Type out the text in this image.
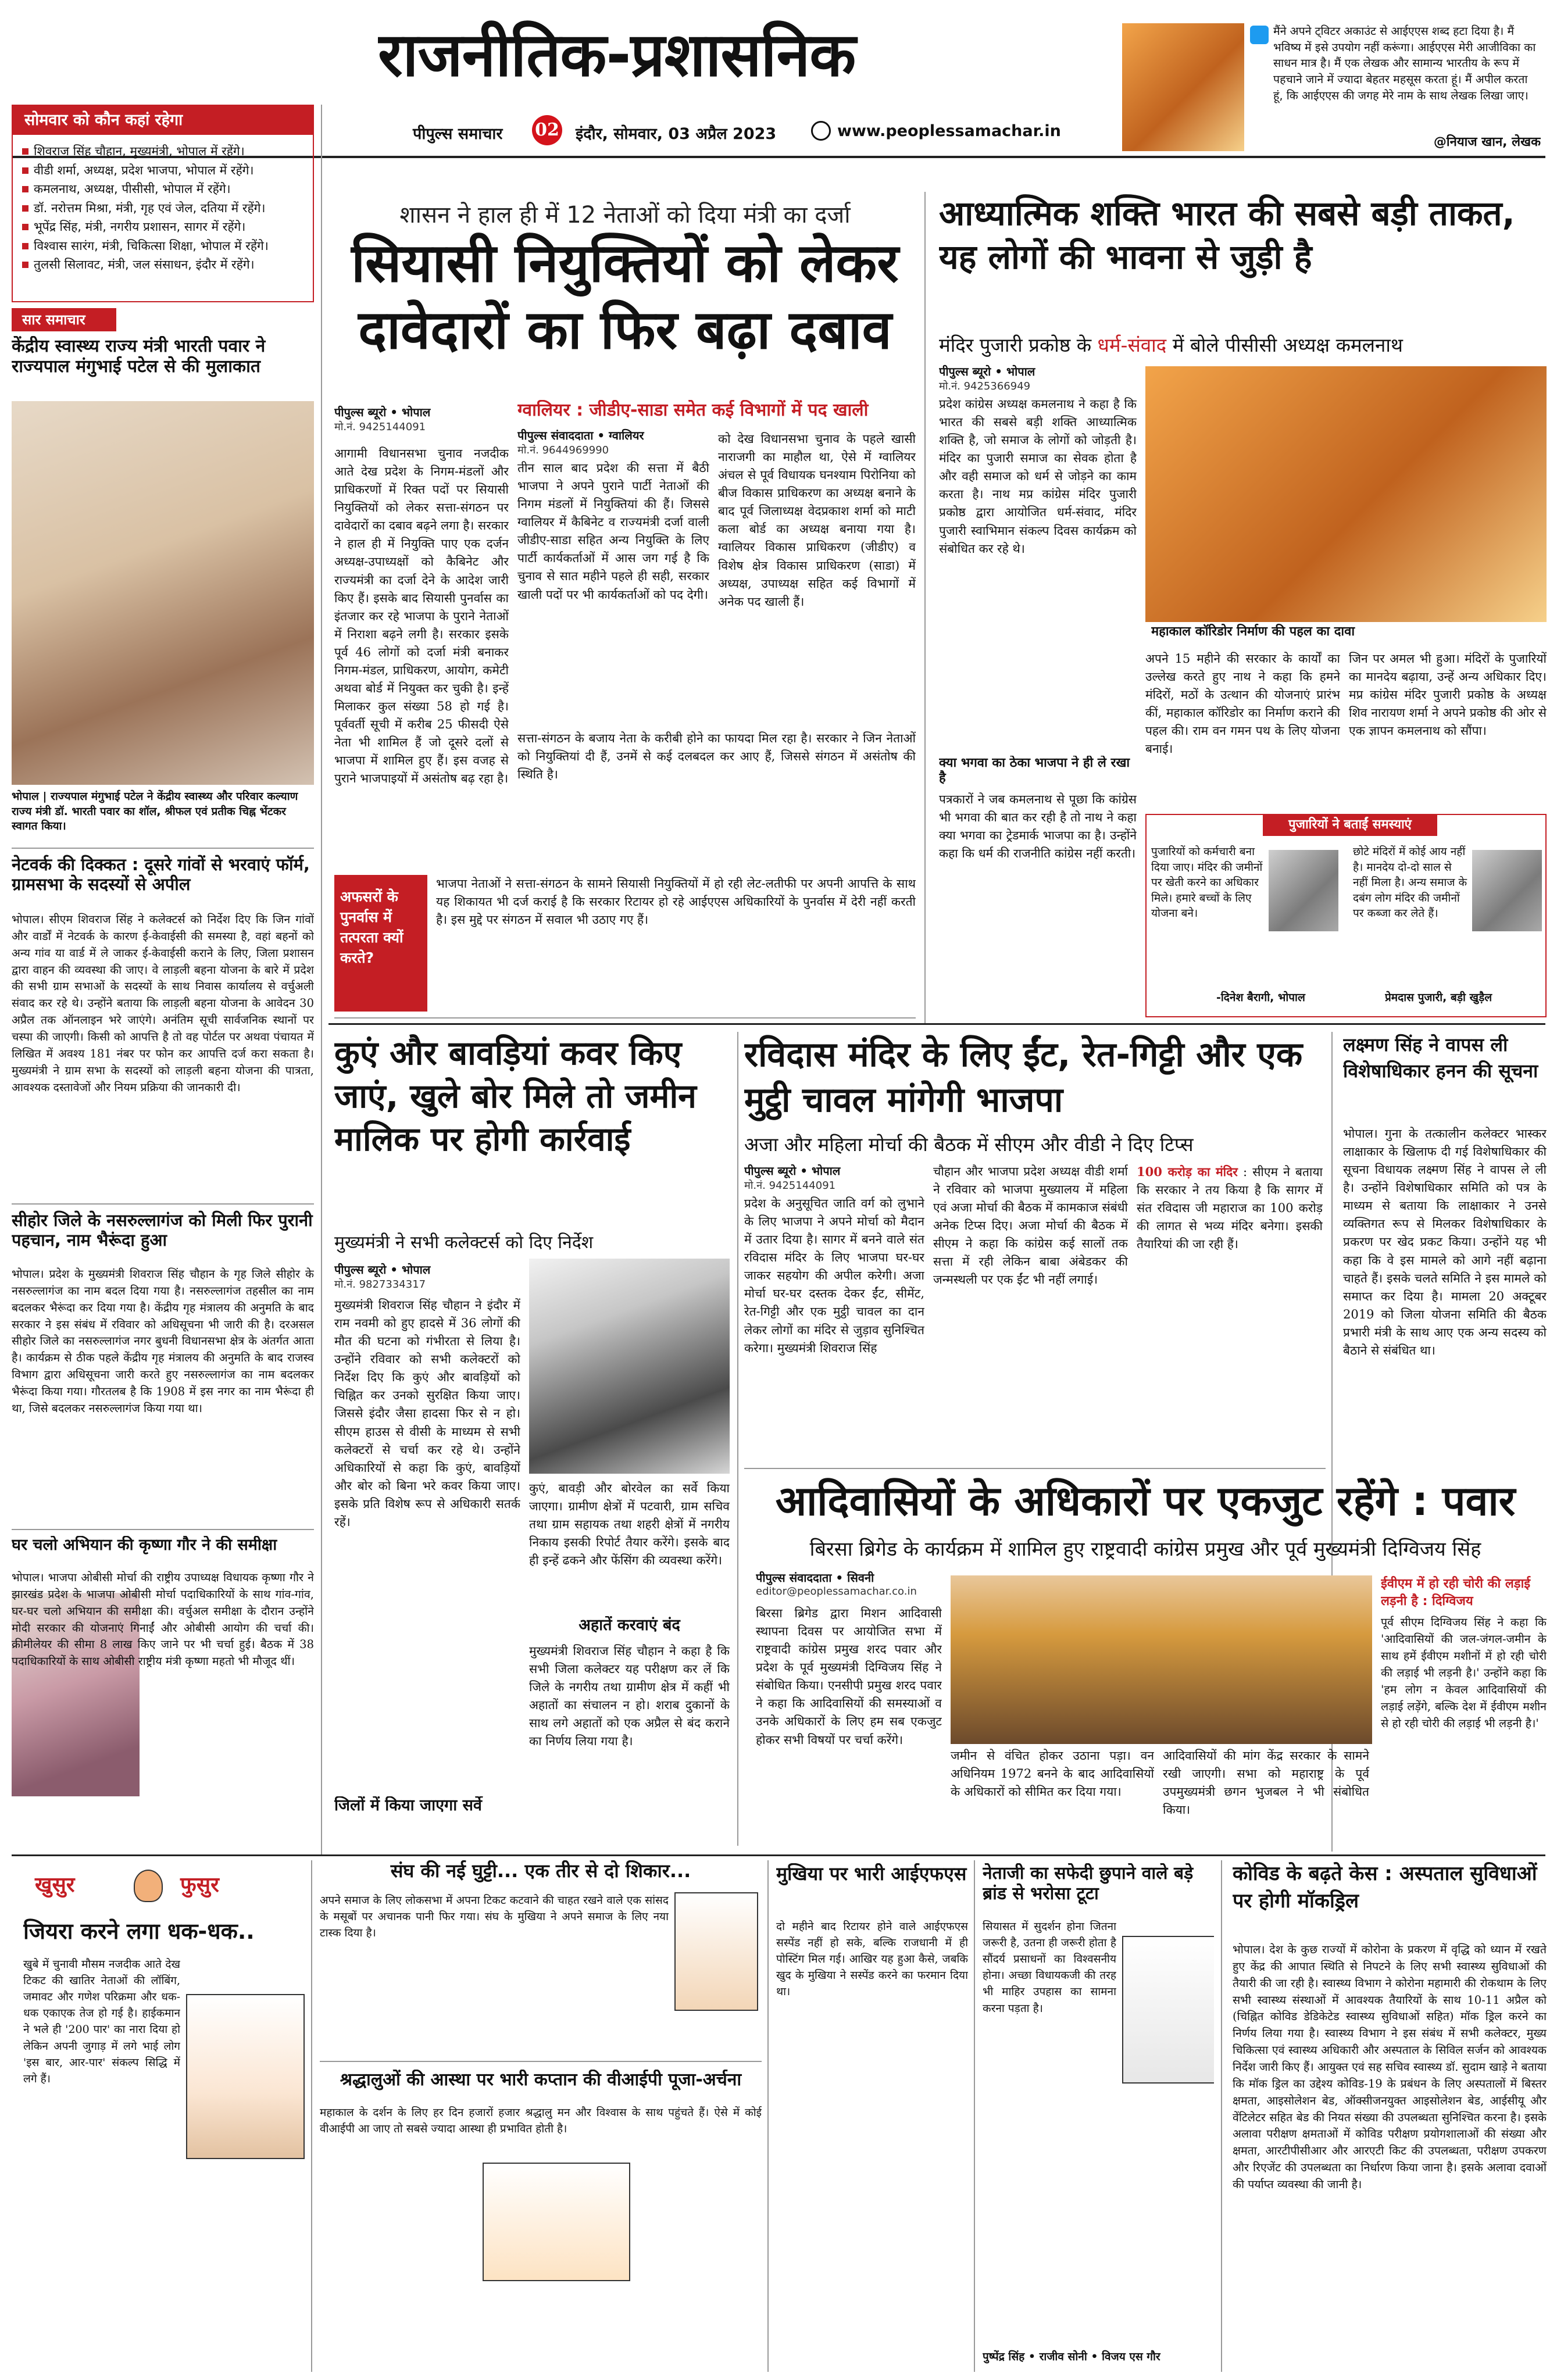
राजनीतिक-प्रशासनिक
पीपुल्स समाचार 02 इंदौर, सोमवार, 03 अप्रैल 2023	www.peoplessamachar.in
मैंने अपने ट्विटर अकाउंट से आईएएस शब्द हटा दिया है। मैं भविष्य में इसे उपयोग नहीं करूंगा। आईएएस मेरी आजीविका का साधन मात्र है। मैं एक लेखक और सामान्य भारतीय के रूप में पहचाने जाने में ज्यादा बेहतर महसूस करता हूं। मैं अपील करता हूं, कि आईएएस की जगह मेरे नाम के साथ लेखक लिखा जाए।
@नियाज खान, लेखक
सोमवार को कौन कहां रहेगा
शिवराज सिंह चौहान, मुख्यमंत्री, भोपाल में रहेंगे।
वीडी शर्मा, अध्यक्ष, प्रदेश भाजपा, भोपाल में रहेंगे।
कमलनाथ, अध्यक्ष, पीसीसी, भोपाल में रहेंगे।
डॉ. नरोत्तम मिश्रा, मंत्री, गृह एवं जेल, दतिया में रहेंगे।
भूपेंद्र सिंह, मंत्री, नगरीय प्रशासन, सागर में रहेंगे।
विश्वास सारंग, मंत्री, चिकित्सा शिक्षा, भोपाल में रहेंगे।
तुलसी सिलावट, मंत्री, जल संसाधन, इंदौर में रहेंगे।
सार समाचार
केंद्रीय स्वास्थ्य राज्य मंत्री भारती पवार ने राज्यपाल मंगुभाई पटेल से की मुलाकात
भोपाल | राज्यपाल मंगुभाई पटेल ने केंद्रीय स्वास्थ्य और परिवार कल्याण राज्य मंत्री डॉ. भारती पवार का शॉल, श्रीफल एवं प्रतीक चिह्न भेंटकर स्वागत किया।
नेटवर्क की दिक्कत : दूसरे गांवों से भरवाएं फॉर्म, ग्रामसभा के सदस्यों से अपील
भोपाल। सीएम शिवराज सिंह ने कलेक्टर्स को निर्देश दिए कि जिन गांवों और वार्डों में नेटवर्क के कारण ई-केवाईसी की समस्या है, वहां बहनों को अन्य गांव या वार्ड में ले जाकर ई-केवाईसी कराने के लिए, जिला प्रशासन द्वारा वाहन की व्यवस्था की जाए। वे लाड़ली बहना योजना के बारे में प्रदेश की सभी ग्राम सभाओं के सदस्यों के साथ निवास कार्यालय से वर्चुअली संवाद कर रहे थे। उन्होंने बताया कि लाड़ली बहना योजना के आवेदन 30 अप्रैल तक ऑनलाइन भरे जाएंगे। अनंतिम सूची सार्वजनिक स्थानों पर चस्पा की जाएगी। किसी को आपत्ति है तो वह पोर्टल पर अथवा पंचायत में लिखित में अवश्य 181 नंबर पर फोन कर आपत्ति दर्ज करा सकता है। मुख्यमंत्री ने ग्राम सभा के सदस्यों को लाड़ली बहना योजना की पात्रता, आवश्यक दस्तावेजों और नियम प्रक्रिया की जानकारी दी।
सीहोर जिले के नसरुल्लागंज को मिली फिर पुरानी पहचान, नाम भैरूंदा हुआ
भोपाल। प्रदेश के मुख्यमंत्री शिवराज सिंह चौहान के गृह जिले सीहोर के नसरुल्लागंज का नाम बदल दिया गया है। नसरुल्लागंज तहसील का नाम बदलकर भैरूंदा कर दिया गया है। केंद्रीय गृह मंत्रालय की अनुमति के बाद सरकार ने इस संबंध में रविवार को अधिसूचना भी जारी की है। दरअसल सीहोर जिले का नसरुल्लागंज नगर बुधनी विधानसभा क्षेत्र के अंतर्गत आता है। कार्यक्रम से ठीक पहले केंद्रीय गृह मंत्रालय की अनुमति के बाद राजस्व विभाग द्वारा अधिसूचना जारी करते हुए नसरुल्लागंज का नाम बदलकर भैरूंदा किया गया। गौरतलब है कि 1908 में इस नगर का नाम भैरूंदा ही था, जिसे बदलकर नसरुल्लागंज किया गया था।
घर चलो अभियान की कृष्णा गौर ने की समीक्षा
भोपाल। भाजपा ओबीसी मोर्चा की राष्ट्रीय उपाध्यक्ष विधायक कृष्णा गौर ने झारखंड प्रदेश के भाजपा ओबीसी मोर्चा पदाधिकारियों के साथ गांव-गांव, घर-घर चलो अभियान की समीक्षा की। वर्चुअल समीक्षा के दौरान उन्होंने मोदी सरकार की योजनाएं गिनाईं और ओबीसी आयोग की चर्चा की। क्रीमीलेयर की सीमा 8 लाख किए जाने पर भी चर्चा हुई। बैठक में 38 पदाधिकारियों के साथ ओबीसी राष्ट्रीय मंत्री कृष्णा महतो भी मौजूद थीं।
शासन ने हाल ही में 12 नेताओं को दिया मंत्री का दर्जा
सियासी नियुक्तियों को लेकर दावेदारों का फिर बढ़ा दबाव
पीपुल्स ब्यूरो • भोपाल
मो.नं. 9425144091
आगामी विधानसभा चुनाव नजदीक आते देख प्रदेश के निगम-मंडलों और प्राधिकरणों में रिक्त पदों पर सियासी नियुक्तियों को लेकर सत्ता-संगठन पर दावेदारों का दबाव बढ़ने लगा है। सरकार ने हाल ही में नियुक्ति पाए एक दर्जन अध्यक्ष-उपाध्यक्षों को कैबिनेट और राज्यमंत्री का दर्जा देने के आदेश जारी किए हैं। इसके बाद सियासी पुनर्वास का इंतजार कर रहे भाजपा के पुराने नेताओं में निराशा बढ़ने लगी है। सरकार इसके पूर्व 46 लोगों को दर्जा मंत्री बनाकर निगम-मंडल, प्राधिकरण, आयोग, कमेटी अथवा बोर्ड में नियुक्त कर चुकी है। इन्हें मिलाकर कुल संख्या 58 हो गई है। पूर्ववर्ती सूची में करीब 25 फीसदी ऐसे नेता भी शामिल हैं जो दूसरे दलों से भाजपा में शामिल हुए हैं। इस वजह से पुराने भाजपाइयों में असंतोष बढ़ रहा है।
ग्वालियर : जीडीए-साडा समेत कई विभागों में पद खाली
पीपुल्स संवाददाता • ग्वालियर
मो.नं. 9644969990
तीन साल बाद प्रदेश की सत्ता में बैठी भाजपा ने अपने पुराने पार्टी नेताओं की निगम मंडलों में नियुक्तियां की हैं। जिससे ग्वालियर में कैबिनेट व राज्यमंत्री दर्जा वाली जीडीए-साडा सहित अन्य नियुक्ति के लिए पार्टी कार्यकर्ताओं में आस जग गई है कि चुनाव से सात महीने पहले ही सही, सरकार खाली पदों पर भी कार्यकर्ताओं को पद देगी।
को देख विधानसभा चुनाव के पहले खासी नाराजगी का माहौल था, ऐसे में ग्वालियर अंचल से पूर्व विधायक घनश्याम पिरोनिया को बीज विकास प्राधिकरण का अध्यक्ष बनाने के बाद पूर्व जिलाध्यक्ष वेदप्रकाश शर्मा को माटी कला बोर्ड का अध्यक्ष बनाया गया है। ग्वालियर विकास प्राधिकरण (जीडीए) व विशेष क्षेत्र विकास प्राधिकरण (साडा) में अध्यक्ष, उपाध्यक्ष सहित कई विभागों में अनेक पद खाली हैं।
सत्ता-संगठन के बजाय नेता के करीबी होने का फायदा मिल रहा है। सरकार ने जिन नेताओं को नियुक्तियां दी हैं, उनमें से कई दलबदल कर आए हैं, जिससे संगठन में असंतोष की स्थिति है।
अफसरों के पुनर्वास में तत्परता क्यों करते?
भाजपा नेताओं ने सत्ता-संगठन के सामने सियासी नियुक्तियों में हो रही लेट-लतीफी पर अपनी आपत्ति के साथ यह शिकायत भी दर्ज कराई है कि सरकार रिटायर हो रहे आईएएस अधिकारियों के पुनर्वास में देरी नहीं करती है। इस मुद्दे पर संगठन में सवाल भी उठाए गए हैं।
आध्यात्मिक शक्ति भारत की सबसे बड़ी ताकत, यह लोगों की भावना से जुड़ी है
मंदिर पुजारी प्रकोष्ठ के धर्म-संवाद में बोले पीसीसी अध्यक्ष कमलनाथ
पीपुल्स ब्यूरो • भोपाल
मो.नं. 9425366949
प्रदेश कांग्रेस अध्यक्ष कमलनाथ ने कहा है कि भारत की सबसे बड़ी शक्ति आध्यात्मिक शक्ति है, जो समाज के लोगों को जोड़ती है। मंदिर का पुजारी समाज का सेवक होता है और वही समाज को धर्म से जोड़ने का काम करता है। नाथ मप्र कांग्रेस मंदिर पुजारी प्रकोष्ठ द्वारा आयोजित धर्म-संवाद, मंदिर पुजारी स्वाभिमान संकल्प दिवस कार्यक्रम को संबोधित कर रहे थे।
क्या भगवा का ठेका भाजपा ने ही ले रखा है
पत्रकारों ने जब कमलनाथ से पूछा कि कांग्रेस भी भगवा की बात कर रही है तो नाथ ने कहा क्या भगवा का ट्रेडमार्क भाजपा का है। उन्होंने कहा कि धर्म की राजनीति कांग्रेस नहीं करती।
महाकाल कॉरिडोर निर्माण की पहल का दावा
अपने 15 महीने की सरकार के कार्यों का उल्लेख करते हुए नाथ ने कहा कि हमने मंदिरों, मठों के उत्थान की योजनाएं प्रारंभ कीं, महाकाल कॉरिडोर का निर्माण कराने की पहल की। राम वन गमन पथ के लिए योजना बनाई।
जिन पर अमल भी हुआ। मंदिरों के पुजारियों का मानदेय बढ़ाया, उन्हें अन्य अधिकार दिए। मप्र कांग्रेस मंदिर पुजारी प्रकोष्ठ के अध्यक्ष शिव नारायण शर्मा ने अपने प्रकोष्ठ की ओर से एक ज्ञापन कमलनाथ को सौंपा।
पुजारियों ने बताईं समस्याएं
पुजारियों को कर्मचारी बना दिया जाए। मंदिर की जमीनों पर खेती करने का अधिकार मिले। हमारे बच्चों के लिए योजना बने।
-दिनेश बैरागी, भोपाल
छोटे मंदिरों में कोई आय नहीं है। मानदेय दो-दो साल से नहीं मिला है। अन्य समाज के दबंग लोग मंदिर की जमीनों पर कब्जा कर लेते हैं।
प्रेमदास पुजारी, बड़ी खुड़ैल
कुएं और बावड़ियां कवर किए जाएं, खुले बोर मिले तो जमीन मालिक पर होगी कार्रवाई
मुख्यमंत्री ने सभी कलेक्टर्स को दिए निर्देश
पीपुल्स ब्यूरो • भोपाल
मो.नं. 9827334317
मुख्यमंत्री शिवराज सिंह चौहान ने इंदौर में राम नवमी को हुए हादसे में 36 लोगों की मौत की घटना को गंभीरता से लिया है। उन्होंने रविवार को सभी कलेक्टरों को निर्देश दिए कि कुएं और बावड़ियों को चिह्नित कर उनको सुरक्षित किया जाए। जिससे इंदौर जैसा हादसा फिर से न हो। सीएम हाउस से वीसी के माध्यम से सभी कलेक्टरों से चर्चा कर रहे थे। उन्होंने अधिकारियों से कहा कि कुएं, बावड़ियों और बोर को बिना भरे कवर किया जाए। इसके प्रति विशेष रूप से अधिकारी सतर्क रहें।
कुएं, बावड़ी और बोरवेल का सर्वे किया जाएगा। ग्रामीण क्षेत्रों में पटवारी, ग्राम सचिव तथा ग्राम सहायक तथा शहरी क्षेत्रों में नगरीय निकाय इसकी रिपोर्ट तैयार करेंगे। इसके बाद ही इन्हें ढकने और फेंसिंग की व्यवस्था करेंगे।
जिलों में किया जाएगा सर्वे
अहातें करवाएं बंद
मुख्यमंत्री शिवराज सिंह चौहान ने कहा है कि सभी जिला कलेक्टर यह परीक्षण कर लें कि जिले के नगरीय तथा ग्रामीण क्षेत्र में कहीं भी अहातों का संचालन न हो। शराब दुकानों के साथ लगे अहातों को एक अप्रैल से बंद कराने का निर्णय लिया गया है।
रविदास मंदिर के लिए ईंट, रेत-गिट्टी और एक मुट्ठी चावल मांगेगी भाजपा
अजा और महिला मोर्चा की बैठक में सीएम और वीडी ने दिए टिप्स
पीपुल्स ब्यूरो • भोपाल
मो.नं. 9425144091
प्रदेश के अनुसूचित जाति वर्ग को लुभाने के लिए भाजपा ने अपने मोर्चा को मैदान में उतार दिया है। सागर में बनने वाले संत रविदास मंदिर के लिए भाजपा घर-घर जाकर सहयोग की अपील करेगी। अजा मोर्चा घर-घर दस्तक देकर ईंट, सीमेंट, रेत-गिट्टी और एक मुट्ठी चावल का दान लेकर लोगों का मंदिर से जुड़ाव सुनिश्चित करेगा। मुख्यमंत्री शिवराज सिंह
चौहान और भाजपा प्रदेश अध्यक्ष वीडी शर्मा ने रविवार को भाजपा मुख्यालय में महिला एवं अजा मोर्चा की बैठक में कामकाज संबंधी अनेक टिप्स दिए। अजा मोर्चा की बैठक में सीएम ने कहा कि कांग्रेस कई सालों तक सत्ता में रही लेकिन बाबा अंबेडकर की जन्मस्थली पर एक ईंट भी नहीं लगाई।
100 करोड़ का मंदिर : सीएम ने बताया कि सरकार ने तय किया है कि सागर में संत रविदास जी महाराज का 100 करोड़ की लागत से भव्य मंदिर बनेगा। इसकी तैयारियां की जा रही हैं।
लक्ष्मण सिंह ने वापस ली विशेषाधिकार हनन की सूचना
भोपाल। गुना के तत्कालीन कलेक्टर भास्कर लाक्षाकार के खिलाफ दी गई विशेषाधिकार की सूचना विधायक लक्ष्मण सिंह ने वापस ले ली है। उन्होंने विशेषाधिकार समिति को पत्र के माध्यम से बताया कि लाक्षाकार ने उनसे व्यक्तिगत रूप से मिलकर विशेषाधिकार के प्रकरण पर खेद प्रकट किया। उन्होंने यह भी कहा कि वे इस मामले को आगे नहीं बढ़ाना चाहते हैं। इसके चलते समिति ने इस मामले को समाप्त कर दिया है। मामला 20 अक्टूबर 2019 को जिला योजना समिति की बैठक प्रभारी मंत्री के साथ आए एक अन्य सदस्य को बैठाने से संबंधित था।
आदिवासियों के अधिकारों पर एकजुट रहेंगे : पवार
बिरसा ब्रिगेड के कार्यक्रम में शामिल हुए राष्ट्रवादी कांग्रेस प्रमुख और पूर्व मुख्यमंत्री दिग्विजय सिंह
पीपुल्स संवाददाता • सिवनी
editor@peoplessamachar.co.in
बिरसा ब्रिगेड द्वारा मिशन आदिवासी स्थापना दिवस पर आयोजित सभा में राष्ट्रवादी कांग्रेस प्रमुख शरद पवार और प्रदेश के पूर्व मुख्यमंत्री दिग्विजय सिंह ने संबोधित किया। एनसीपी प्रमुख शरद पवार ने कहा कि आदिवासियों की समस्याओं व उनके अधिकारों के लिए हम सब एकजुट होकर सभी विषयों पर चर्चा करेंगे।
जमीन से वंचित होकर उठाना पड़ा। वन अधिनियम 1972 बनने के बाद आदिवासियों के अधिकारों को सीमित कर दिया गया।
आदिवासियों की मांग केंद्र सरकार के सामने रखी जाएगी। सभा को महाराष्ट्र के पूर्व उपमुख्यमंत्री छगन भुजबल ने भी संबोधित किया।
ईवीएम में हो रही चोरी की लड़ाई लड़नी है : दिग्विजय
पूर्व सीएम दिग्विजय सिंह ने कहा कि 'आदिवासियों की जल-जंगल-जमीन के साथ हमें ईवीएम मशीनों में हो रही चोरी की लड़ाई भी लड़नी है।' उन्होंने कहा कि 'हम लोग न केवल आदिवासियों की लड़ाई लड़ेंगे, बल्कि देश में ईवीएम मशीन से हो रही चोरी की लड़ाई भी लड़नी है।'
खुसुर	फुसुर
जियरा करने लगा धक-धक..
खुबे में चुनावी मौसम नजदीक आते देख टिकट की खातिर नेताओं की लॉबिंग, जमावट और गणेश परिक्रमा और धक-धक एकाएक तेज हो गई है। हाईकमान ने भले ही '200 पार' का नारा दिया हो लेकिन अपनी जुगाड़ में लगे भाई लोग 'इस बार, आर-पार' संकल्प सिद्धि में लगे हैं।
संघ की नई घुट्टी... एक तीर से दो शिकार...
अपने समाज के लिए लोकसभा में अपना टिकट कटवाने की चाहत रखने वाले एक सांसद के मसूबों पर अचानक पानी फिर गया। संघ के मुखिया ने अपने समाज के लिए नया टास्क दिया है।
श्रद्धालुओं की आस्था पर भारी कप्तान की वीआईपी पूजा-अर्चना
महाकाल के दर्शन के लिए हर दिन हजारों हजार श्रद्धालु मन और विश्वास के साथ पहुंचते हैं। ऐसे में कोई वीआईपी आ जाए तो सबसे ज्यादा आस्था ही प्रभावित होती है।
मुखिया पर भारी आईएफएस
दो महीने बाद रिटायर होने वाले आईएफएस सस्पेंड नहीं हो सके, बल्कि राजधानी में ही पोस्टिंग मिल गई। आखिर यह हुआ कैसे, जबकि खुद के मुखिया ने सस्पेंड करने का फरमान दिया था।
नेताजी का सफेदी छुपाने वाले बड़े ब्रांड से भरोसा टूटा
सियासत में सुदर्शन होना जितना जरूरी है, उतना ही जरूरी होता है सौंदर्य प्रसाधनों का विश्वसनीय होना। अच्छा विधायकजी की तरह भी माहिर उपहास का सामना करना पड़ता है।
पुष्पेंद्र सिंह • राजीव सोनी • विजय एस गौर
कोविड के बढ़ते केस : अस्पताल सुविधाओं पर होगी मॉकड्रिल
भोपाल। देश के कुछ राज्यों में कोरोना के प्रकरण में वृद्धि को ध्यान में रखते हुए केंद्र की आपात स्थिति से निपटने के लिए सभी स्वास्थ्य सुविधाओं की तैयारी की जा रही है। स्वास्थ्य विभाग ने कोरोना महामारी की रोकथाम के लिए सभी स्वास्थ्य संस्थाओं में आवश्यक तैयारियों के साथ 10-11 अप्रैल को (चिह्नित कोविड डेडिकेटेड स्वास्थ्य सुविधाओं सहित) मॉक ड्रिल करने का निर्णय लिया गया है। स्वास्थ्य विभाग ने इस संबंध में सभी कलेक्टर, मुख्य चिकित्सा एवं स्वास्थ्य अधिकारी और अस्पताल के सिविल सर्जन को आवश्यक निर्देश जारी किए हैं। आयुक्त एवं सह सचिव स्वास्थ्य डॉ. सुदाम खाड़े ने बताया कि मॉक ड्रिल का उद्देश्य कोविड-19 के प्रबंधन के लिए अस्पतालों में बिस्तर क्षमता, आइसोलेशन बेड, ऑक्सीजनयुक्त आइसोलेशन बेड, आईसीयू और वेंटिलेटर सहित बेड की नियत संख्या की उपलब्धता सुनिश्चित करना है। इसके अलावा परीक्षण क्षमताओं में कोविड परीक्षण प्रयोगशालाओं की संख्या और क्षमता, आरटीपीसीआर और आरएटी किट की उपलब्धता, परीक्षण उपकरण और रिएजेंट की उपलब्धता का निर्धारण किया जाना है। इसके अलावा दवाओं की पर्याप्त व्यवस्था की जानी है।
